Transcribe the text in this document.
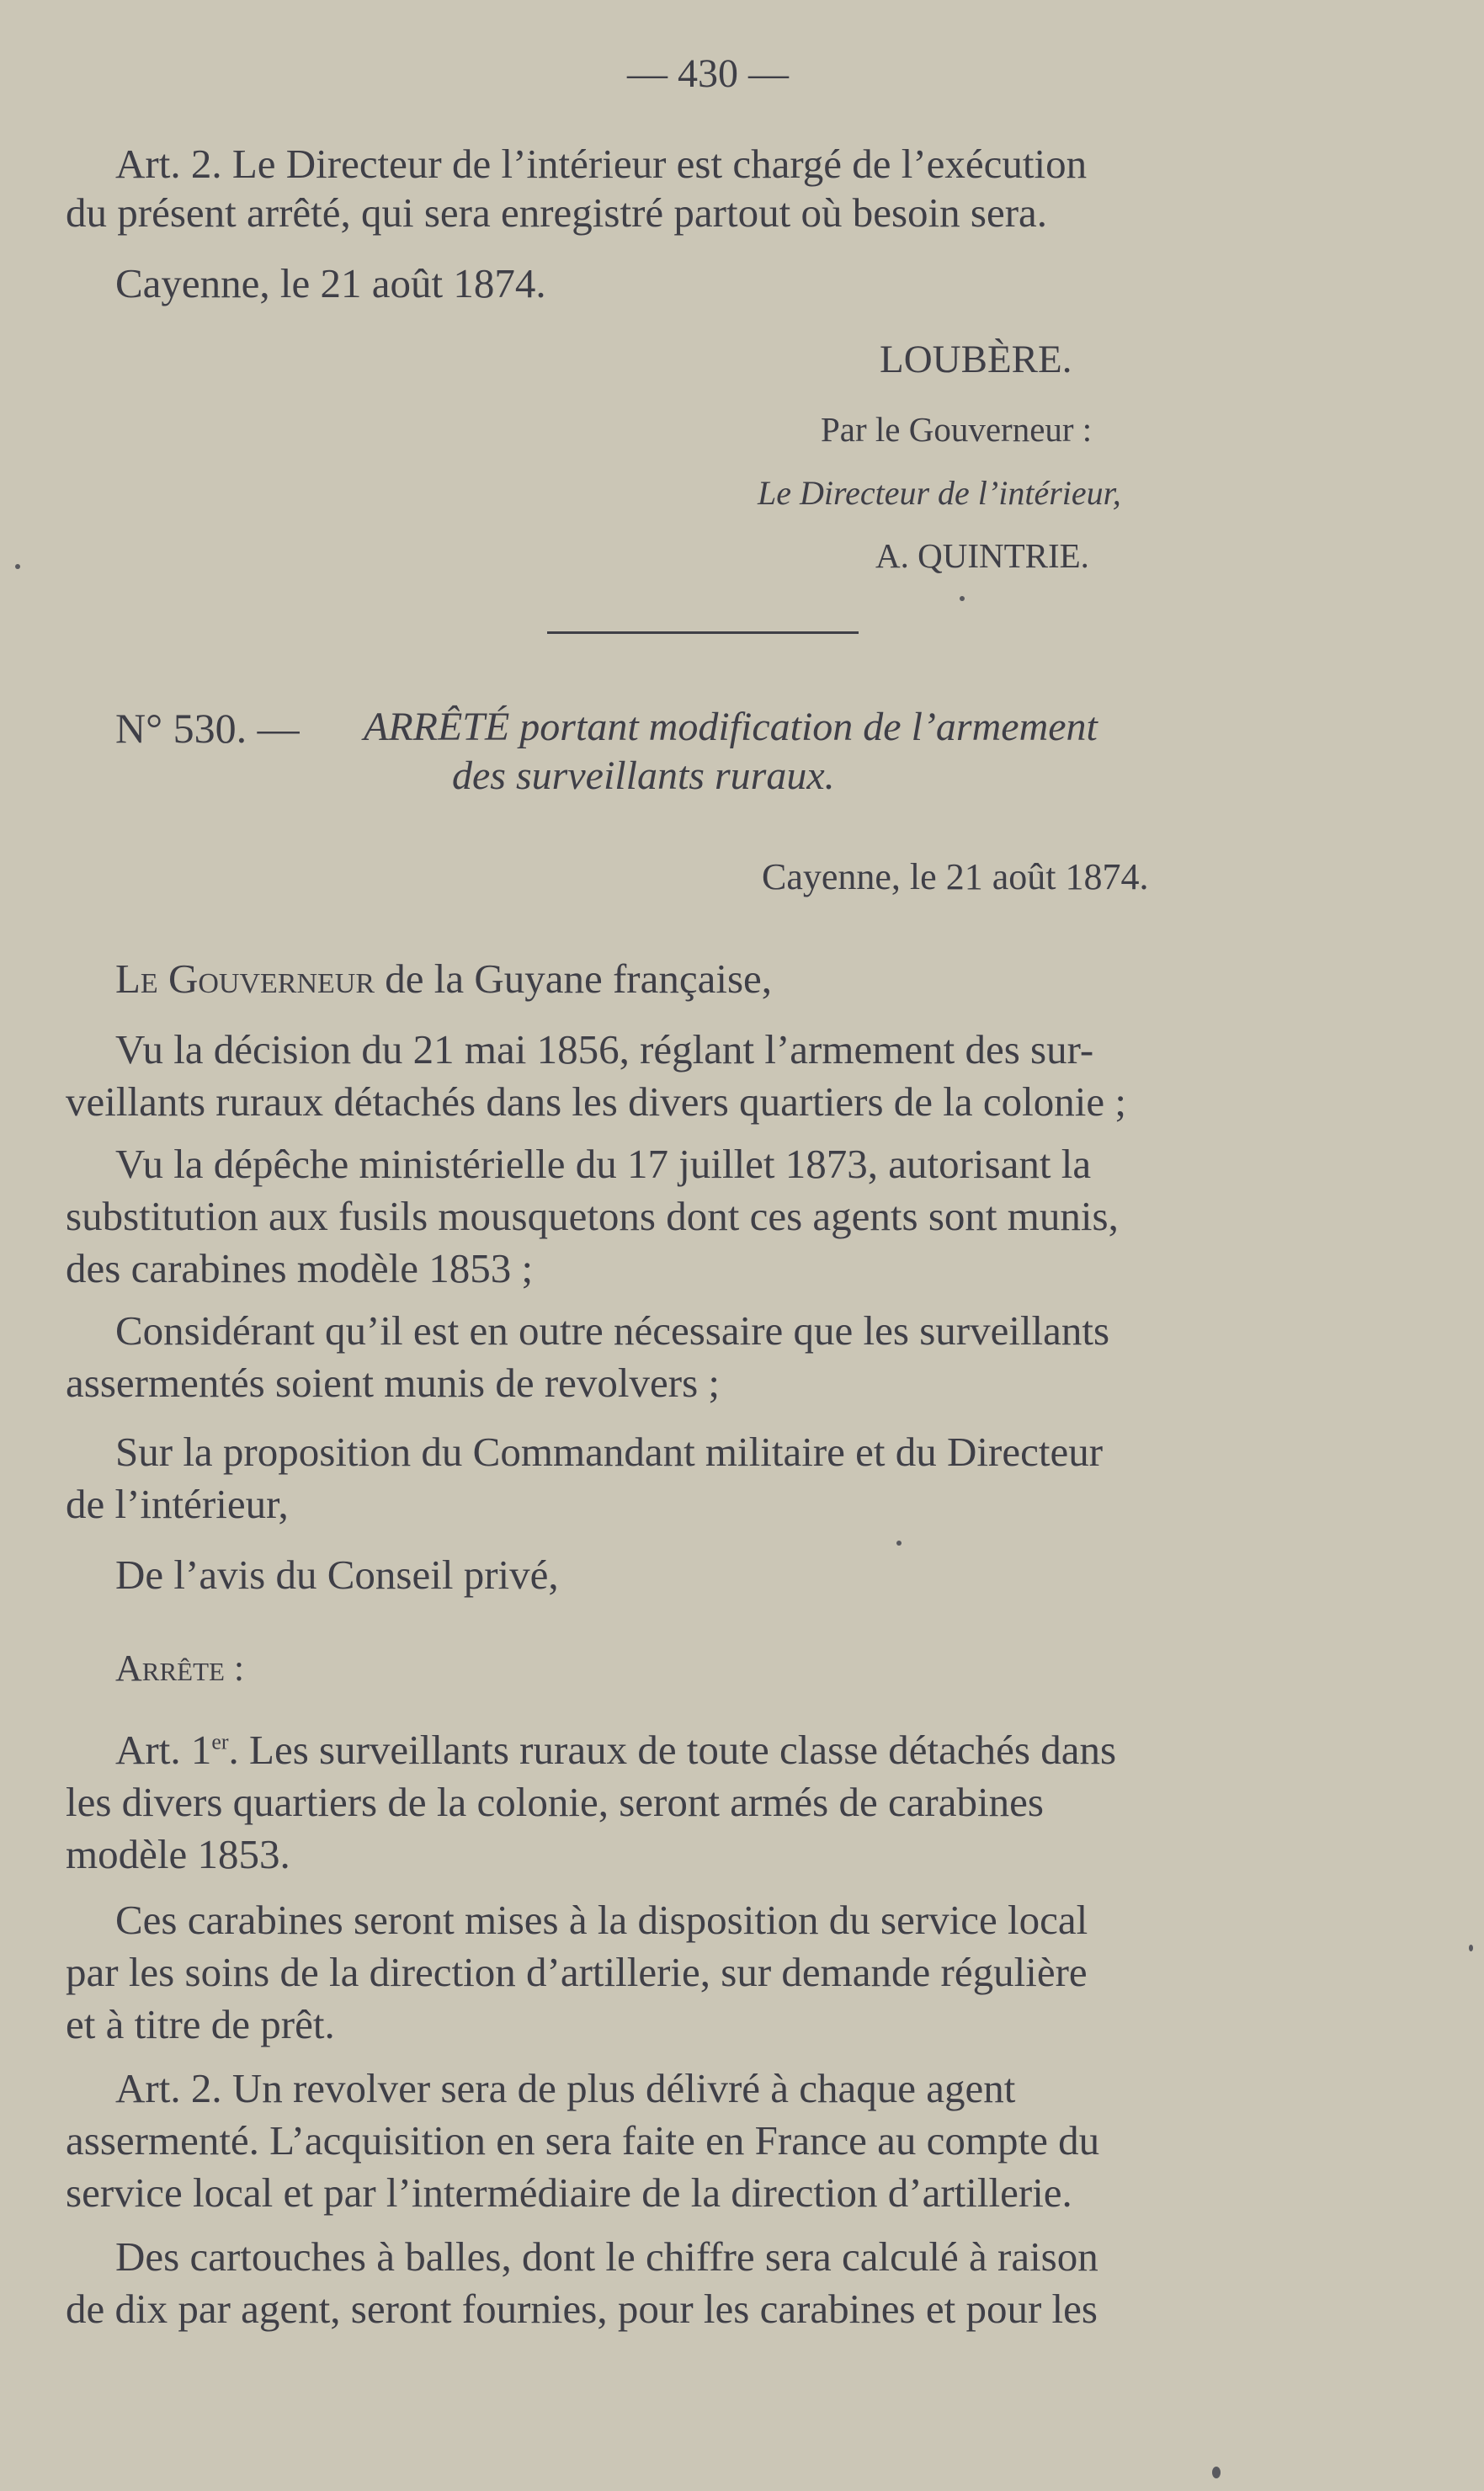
— 430 —

Art. 2. Le Directeur de l’intérieur est chargé de l’exécution

du présent arrêté, qui sera enregistré partout où besoin sera.

Cayenne, le 21 août 1874.

LOUBÈRE.

Par le Gouverneur :

Le Directeur de l’intérieur,

A. QUINTRIE.

N° 530. — ARRÊTÉ portant modification de l’armement

des surveillants ruraux.

Cayenne, le 21 août 1874.

Le Gouverneur de la Guyane française,

Vu la décision du 21 mai 1856, réglant l’armement des sur-

veillants ruraux détachés dans les divers quartiers de la colonie ;

Vu la dépêche ministérielle du 17 juillet 1873, autorisant la

substitution aux fusils mousquetons dont ces agents sont munis,

des carabines modèle 1853 ;

Considérant qu’il est en outre nécessaire que les surveillants

assermentés soient munis de revolvers ;

Sur la proposition du Commandant militaire et du Directeur

de l’intérieur,

De l’avis du Conseil privé,

Arrête :

Art. 1er. Les surveillants ruraux de toute classe détachés dans

les divers quartiers de la colonie, seront armés de carabines

modèle 1853.

Ces carabines seront mises à la disposition du service local

par les soins de la direction d’artillerie, sur demande régulière

et à titre de prêt.

Art. 2. Un revolver sera de plus délivré à chaque agent

assermenté. L’acquisition en sera faite en France au compte du

service local et par l’intermédiaire de la direction d’artillerie.

Des cartouches à balles, dont le chiffre sera calculé à raison

de dix par agent, seront fournies, pour les carabines et pour les
